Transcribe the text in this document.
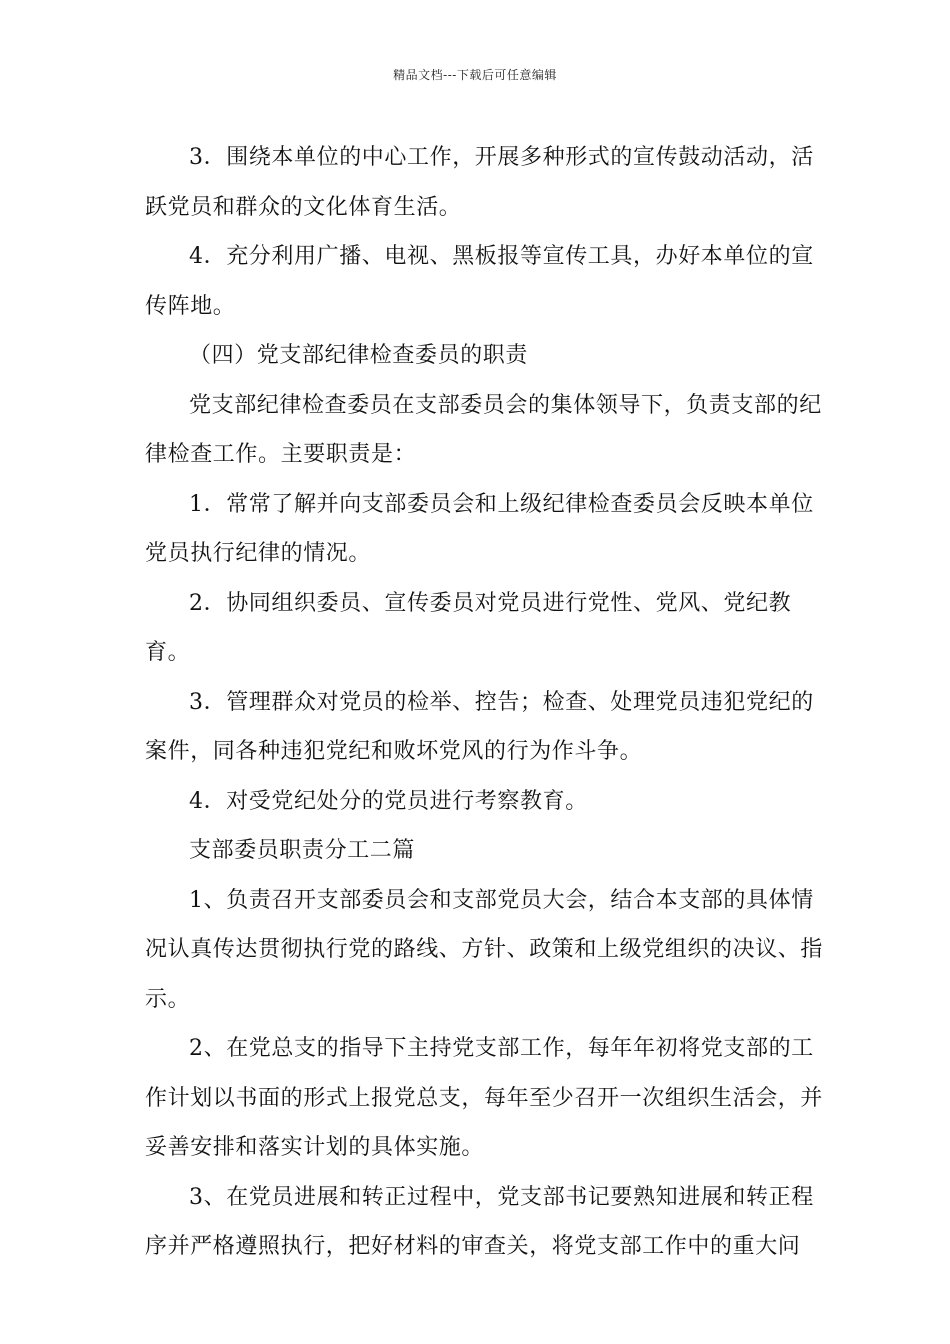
精品文档---下载后可任意编辑

3．围绕本单位的中心工作，开展多种形式的宣传鼓动活动，活跃党员和群众的文化体育生活。

4．充分利用广播、电视、黑板报等宣传工具，办好本单位的宣传阵地。

（四）党支部纪律检查委员的职责

党支部纪律检查委员在支部委员会的集体领导下，负责支部的纪律检查工作。主要职责是：

1．常常了解并向支部委员会和上级纪律检查委员会反映本单位党员执行纪律的情况。

2．协同组织委员、宣传委员对党员进行党性、党风、党纪教育。

3．管理群众对党员的检举、控告；检查、处理党员违犯党纪的案件，同各种违犯党纪和败坏党风的行为作斗争。

4．对受党纪处分的党员进行考察教育。

支部委员职责分工二篇

1、负责召开支部委员会和支部党员大会，结合本支部的具体情况认真传达贯彻执行党的路线、方针、政策和上级党组织的决议、指示。

2、在党总支的指导下主持党支部工作，每年年初将党支部的工作计划以书面的形式上报党总支，每年至少召开一次组织生活会，并妥善安排和落实计划的具体实施。

3、在党员进展和转正过程中，党支部书记要熟知进展和转正程序并严格遵照执行，把好材料的审查关，将党支部工作中的重大问
